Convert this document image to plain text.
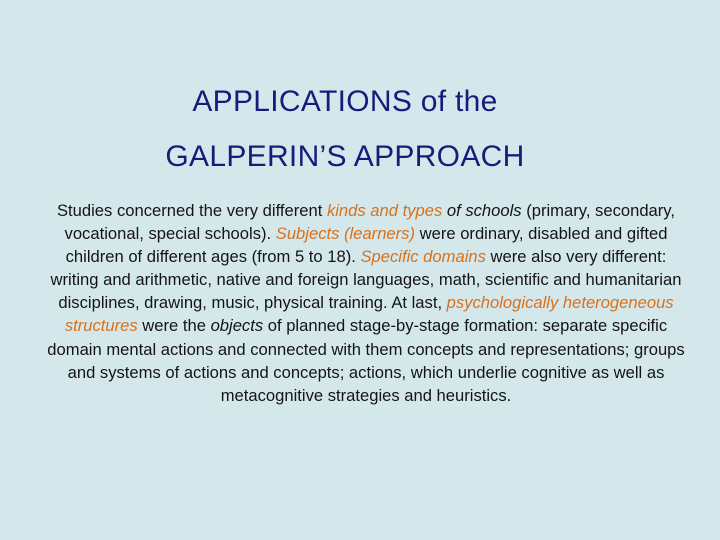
APPLICATIONS of the
GALPERIN’S APPROACH
Studies concerned the very different kinds and types of schools (primary, secondary, vocational, special schools). Subjects (learners) were ordinary, disabled and gifted children of different ages (from 5 to 18). Specific domains were also very different: writing and arithmetic, native and foreign languages, math, scientific and humanitarian disciplines, drawing, music, physical training. At last, psychologically heterogeneous structures were the objects of planned stage‑by‑stage formation: separate specific domain mental actions and connected with them concepts and representations; groups and systems of actions and concepts; actions, which underlie cognitive as well as metacognitive strategies and heuristics.
